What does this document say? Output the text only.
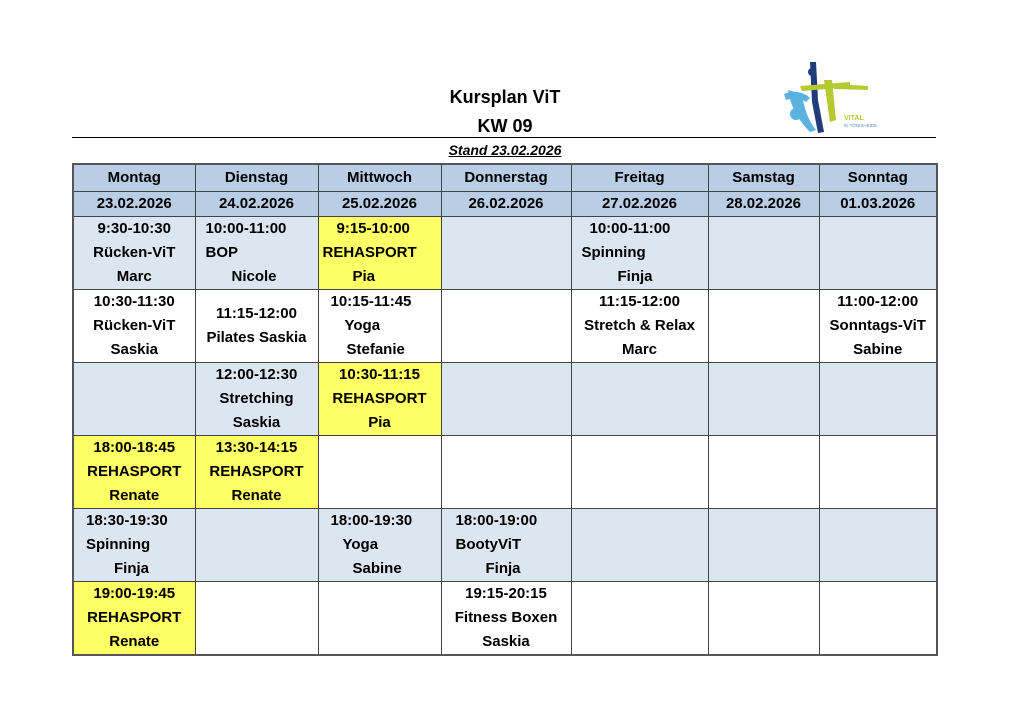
Kursplan ViT
KW 09
Stand 23.02.2026
VITAL
IN TÖNISHEIDE
Montag	Dienstag	Mittwoch	Donnerstag	Freitag	Samstag	Sonntag
23.02.2026	24.02.2026	25.02.2026	26.02.2026	27.02.2026	28.02.2026	01.03.2026

9:30-10:30
Rücken-ViT
Marc	10:00-11:00
BOP
Nicole	9:15-10:00
REHASPORT
Pia		10:00-11:00
Spinning
Finja		

10:30-11:30
Rücken-ViT
Saskia	11:15-12:00
Pilates Saskia	10:15-11:45
Yoga
Stefanie		11:15-12:00
Stretch & Relax
Marc		11:00-12:00
Sonntags-ViT
Sabine

	12:00-12:30
Stretching
Saskia	10:30-11:15
REHASPORT
Pia				

18:00-18:45
REHASPORT
Renate	13:30-14:15
REHASPORT
Renate					

18:30-19:30
Spinning
Finja		18:00-19:30
Yoga
Sabine	18:00-19:00
BootyViT
Finja			

19:00-19:45
REHASPORT
Renate			19:15-20:15
Fitness Boxen
Saskia			
